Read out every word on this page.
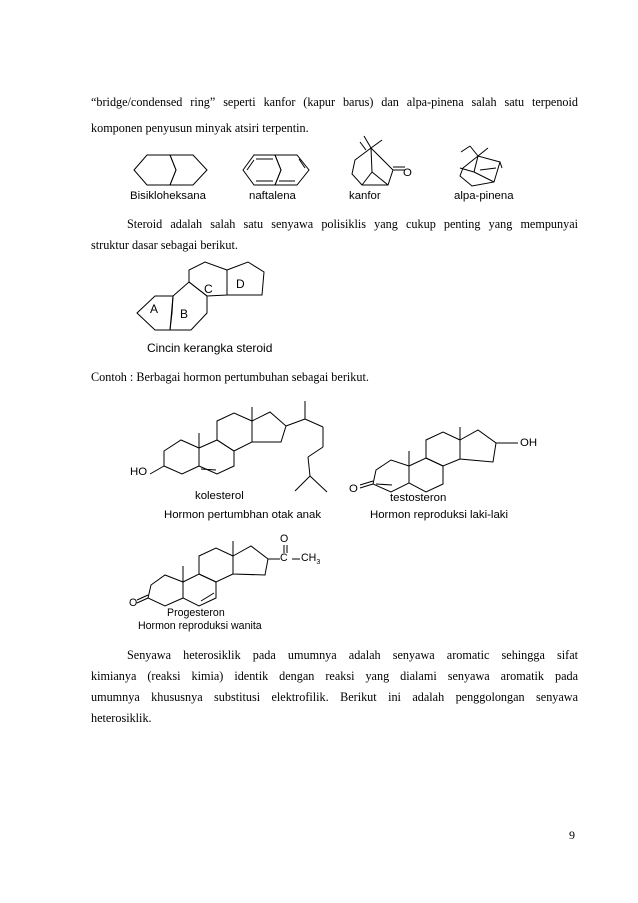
“bridge/condensed ring” seperti kanfor (kapur barus) dan alpa-pinena salah satu terpenoid
komponen penyusun minyak atsiri terpentin.
O
Bisikloheksana	naftalena	kanfor	alpa-pinena
Steroid adalah salah satu senyawa polisiklis yang cukup penting yang mempunyai
struktur dasar sebagai berikut.
A B
C D
Cincin kerangka steroid
Contoh : Berbagai hormon pertumbuhan sebagai berikut.
HO
kolesterol
Hormon pertumbhan otak anak
OH
O
testosteron
Hormon reproduksi laki-laki
O
C $CH_3$
O
Progesteron
Hormon reproduksi wanita
Senyawa heterosiklik pada umumnya adalah senyawa aromatic sehingga sifat
kimianya (reaksi kimia) identik dengan reaksi yang dialami senyawa aromatik pada
umumnya khususnya substitusi elektrofilik. Berikut ini adalah penggolongan senyawa
heterosiklik.
9
